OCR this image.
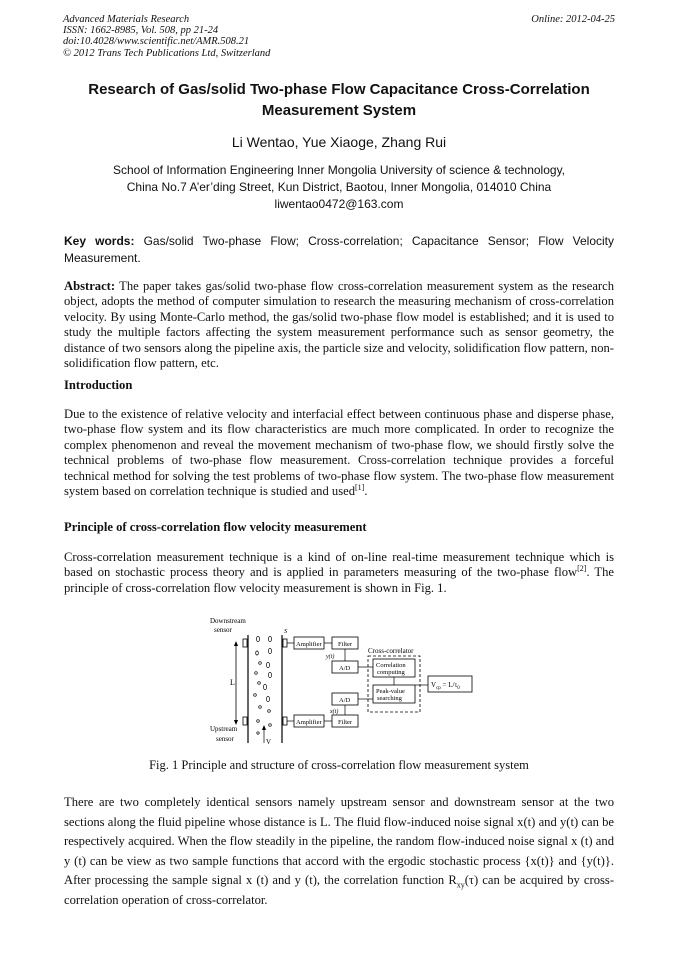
Advanced Materials Research
ISSN: 1662-8985, Vol. 508, pp 21-24
doi:10.4028/www.scientific.net/AMR.508.21
© 2012 Trans Tech Publications Ltd, Switzerland
Online: 2012-04-25
Research of Gas/solid Two-phase Flow Capacitance Cross-Correlation
Measurement System
Li Wentao, Yue Xiaoge, Zhang Rui
School of Information Engineering Inner Mongolia University of science & technology,
China No.7 A’er’ding Street, Kun District, Baotou, Inner Mongolia, 014010 China
liwentao0472@163.com
Key words: Gas/solid Two-phase Flow; Cross-correlation; Capacitance Sensor; Flow Velocity Measurement.
Abstract: The paper takes gas/solid two-phase flow cross-correlation measurement system as the research object, adopts the method of computer simulation to research the measuring mechanism of cross-correlation velocity. By using Monte-Carlo method, the gas/solid two-phase flow model is established; and it is used to study the multiple factors affecting the system measurement performance such as sensor geometry, the distance of two sensors along the pipeline axis, the particle size and velocity, solidification flow pattern, non-solidification flow pattern, etc.
Introduction
Due to the existence of relative velocity and interfacial effect between continuous phase and disperse phase, two-phase flow system and its flow characteristics are much more complicated. In order to recognize the complex phenomenon and reveal the movement mechanism of two-phase flow, we should firstly solve the technical problems of two-phase flow measurement. Cross-correlation technique provides a forceful technical method for solving the test problems of two-phase flow system. The two-phase flow measurement system based on correlation technique is studied and used[1].
Principle of cross-correlation flow velocity measurement
Cross-correlation measurement technique is a kind of on-line real-time measurement technique which is based on stochastic process theory and is applied in parameters measuring of the two-phase flow[2]. The principle of cross-correlation flow velocity measurement is shown in Fig. 1.
Downstream
sensor
Upstream
sensor
L
V
S
Amplifier	Filter
y(t)
A/D
Amplifier	Filter
x(t)
A/D
Cross-correlator
Correlation
computing
Peak-value
searching
$V_{cp} = L/\tau_0$
Fig. 1 Principle and structure of cross-correlation flow measurement system
There are two completely identical sensors namely upstream sensor and downstream sensor at the two sections along the fluid pipeline whose distance is L. The fluid flow-induced noise signal x(t) and y(t) can be respectively acquired. When the flow steadily in the pipeline, the random flow-induced noise signal x (t) and y (t) can be view as two sample functions that accord with the ergodic stochastic process {x(t)} and {y(t)}. After processing the sample signal x (t) and y (t), the correlation function $R_{xy}(\tau)$ can be acquired by cross-correlation operation of cross-correlator.
